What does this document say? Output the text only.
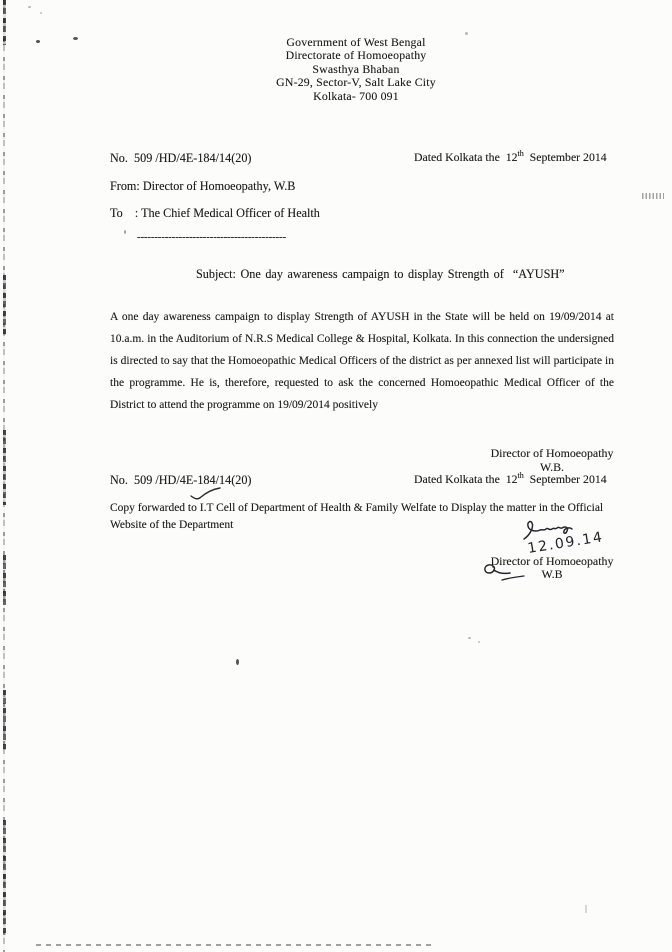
Government of West Bengal
Directorate of Homoeopathy
Swasthya Bhaban
GN-29, Sector-V, Salt Lake City
Kolkata- 700 091
No.  509 /HD/4E-184/14(20)	Dated Kolkata the  12th  September 2014
From: Director of Homoeopathy, W.B
To    : The Chief Medical Officer of Health
-------------------------------------------
Subject: One day awareness campaign to display Strength of  “AYUSH”
A one day awareness campaign to display Strength of AYUSH in the State will be held on 19/09/2014 at 10.a.m. in the Auditorium of N.R.S Medical College & Hospital, Kolkata. In this connection the undersigned is directed to say that the Homoeopathic Medical Officers of the district as per annexed list will participate in the programme. He is, therefore, requested to ask the concerned Homoeopathic Medical Officer of the District to attend the programme on 19/09/2014 positively
Director of Homoeopathy
W.B.
No.  509 /HD/4E-184/14(20)	Dated Kolkata the  12th  September 2014
Copy forwarded to I.T Cell of Department of Health & Family Welfate to Display the matter in the Official Website of the Department
12.09.14
Director of Homoeopathy
W.B
